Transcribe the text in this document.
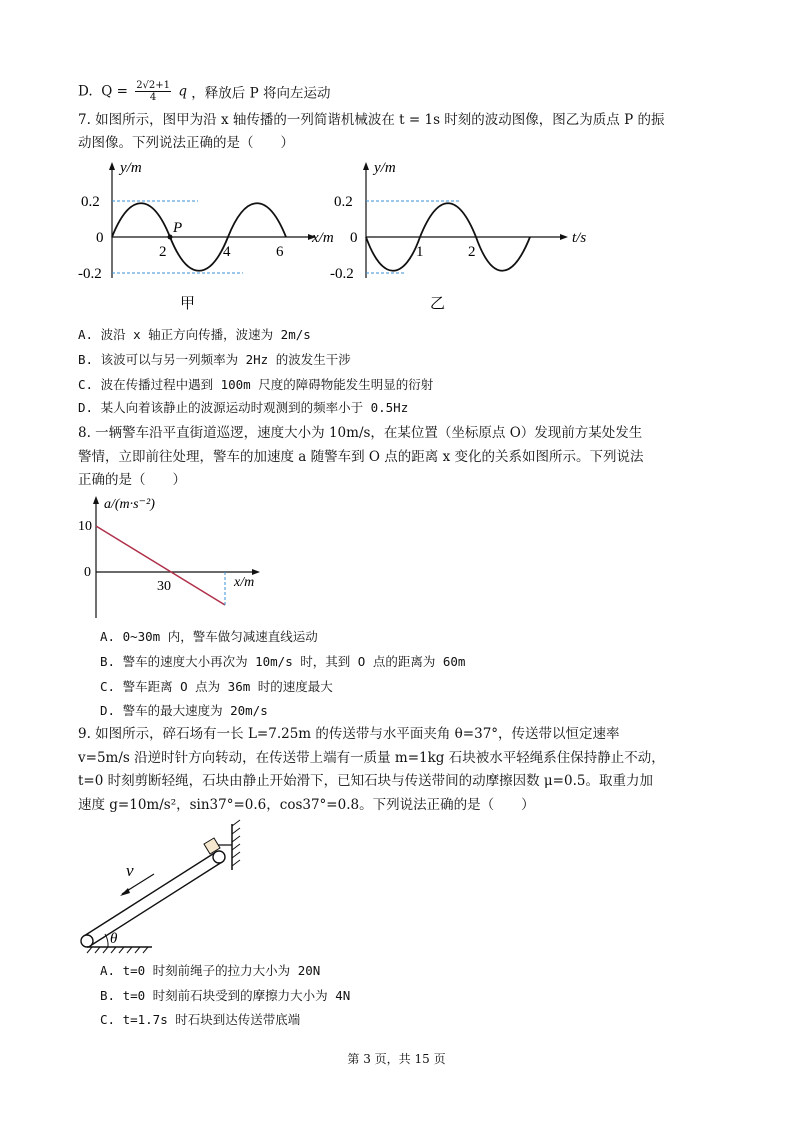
D.  $Q = \frac{2√2+1}{4}$ q ，释放后 P 将向左运动
7. 如图所示，图甲为沿 x 轴传播的一列简谐机械波在 t = 1s 时刻的波动图像，图乙为质点 P 的振
动图像。下列说法正确的是（　　）
y/m
x/m
0.2
0
-0.2
2	4	6
P
甲
y/m
t/s
0.2
0
-0.2
1	2
乙
A. 波沿 x 轴正方向传播，波速为 2m/s
B. 该波可以与另一列频率为 2Hz 的波发生干涉
C. 波在传播过程中遇到 100m 尺度的障碍物能发生明显的衍射
D. 某人向着该静止的波源运动时观测到的频率小于 0.5Hz
8. 一辆警车沿平直街道巡逻，速度大小为 10m/s，在某位置（坐标原点 O）发现前方某处发生
警情，立即前往处理，警车的加速度 a 随警车到 O 点的距离 x 变化的关系如图所示。下列说法
正确的是（　　）
a/(m·s⁻²)
x/m
10
0
30
A. 0~30m 内，警车做匀减速直线运动
B. 警车的速度大小再次为 10m/s 时，其到 O 点的距离为 60m
C. 警车距离 O 点为 36m 时的速度最大
D. 警车的最大速度为 20m/s
9. 如图所示，碎石场有一长 L=7.25m 的传送带与水平面夹角 θ=37°，传送带以恒定速率
v=5m/s 沿逆时针方向转动，在传送带上端有一质量 m=1kg 石块被水平轻绳系住保持静止不动，
t=0 时刻剪断轻绳，石块由静止开始滑下，已知石块与传送带间的动摩擦因数 μ=0.5。取重力加
速度 g=10m/s²，sin37°=0.6，cos37°=0.8。下列说法正确的是（　　）
v
θ
A. t=0 时刻前绳子的拉力大小为 20N
B. t=0 时刻前石块受到的摩擦力大小为 4N
C. t=1.7s 时石块到达传送带底端
第 3 页，共 15 页
